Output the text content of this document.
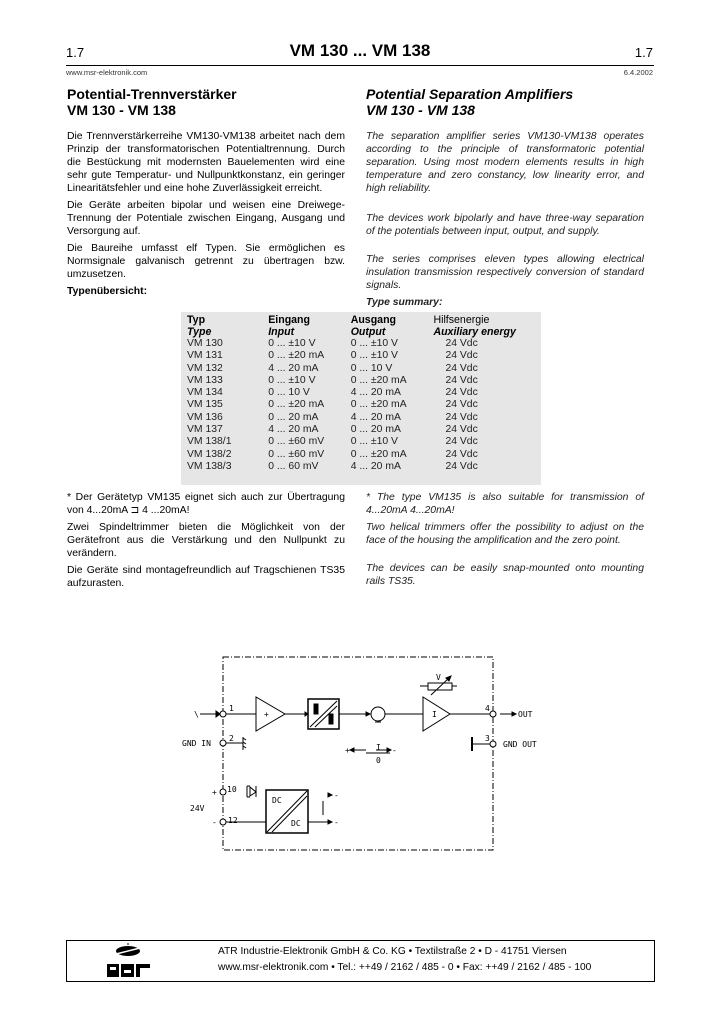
1.7	VM 130 ... VM 138	1.7
www.msr-elektronik.com	6.4.2002
Potential-Trennverstärker
VM 130 - VM 138
Potential Separation Amplifiers
VM 130 - VM 138

Die Trennverstärkerreihe VM130-VM138 arbeitet nach dem Prinzip der transformatorischen Potentialtrennung. Durch die Bestückung mit modernsten Bauelementen wird eine sehr gute Temperatur- und Nullpunktkonstanz, ein geringer Linearitätsfehler und eine hohe Zuverlässigkeit erreicht.

Die Geräte arbeiten bipolar und weisen eine Dreiwege-Trennung der Potentiale zwischen Eingang, Ausgang und Versorgung auf.

Die Baureihe umfasst elf Typen. Sie ermöglichen es Normsignale galvanisch getrennt zu übertragen bzw. umzusetzen.

Typenübersicht:

The separation amplifier series VM130-VM138 operates according to the principle of transformatoric potential separation. Using most modern elements results in high temperature and zero constancy, low linearity error, and high reliability.

The devices work bipolarly and have three-way separation of the potentials between input, output, and supply.

The series comprises eleven types allowing electrical insulation transmission respectively conversion of standard signals.

Type summary:
Typ	Eingang	Ausgang	Hilfsenergie
Type	Input	Output	Auxiliary energy
VM 130	0 ... ±10 V	0 ... ±10 V	24 Vdc
VM 131	0 ... ±20 mA	0 ... ±10 V	24 Vdc
VM 132	4 ... 20 mA	0 ... 10 V	24 Vdc
VM 133	0 ... ±10 V	0 ... ±20 mA	24 Vdc
VM 134	0 ... 10 V	4 ... 20 mA	24 Vdc
VM 135	0 ... ±20 mA	0 ... ±20 mA	24 Vdc
VM 136	0 ... 20 mA	4 ... 20 mA	24 Vdc
VM 137	4 ... 20 mA	0 ... 20 mA	24 Vdc
VM 138/1	0 ... ±60 mV	0 ... ±10 V	24 Vdc
VM 138/2	0 ... ±60 mV	0 ... ±20 mA	24 Vdc
VM 138/3	0 ... 60 mV	4 ... 20 mA	24 Vdc

* Der Gerätetyp VM135 eignet sich auch zur Übertragung von 4...20mA ⊐ 4 ...20mA!

Zwei Spindeltrimmer bieten die Möglichkeit von der Gerätefront aus die Verstärkung und den Nullpunkt zu verändern.

Die Geräte sind montagefreundlich auf Tragschienen TS35 aufzurasten.

* The type VM135 is also suitable for transmission of 4...20mA 4...20mA!

Two helical trimmers offer the possibility to adjust on the face of the housing the amplification and the zero point.

The devices can be easily snap-mounted onto mounting rails TS35.

\
GND IN
1
2
4
3
OUT
GND OUT
+	I
V
0
I
+	-
+
-
24V
10
12
DC
DC
-
-
ATR Industrie-Elektronik GmbH & Co. KG • Textilstraße 2 • D - 41751 Viersen
www.msr-elektronik.com • Tel.: ++49 / 2162 / 485 - 0 • Fax: ++49 / 2162 / 485 - 100
